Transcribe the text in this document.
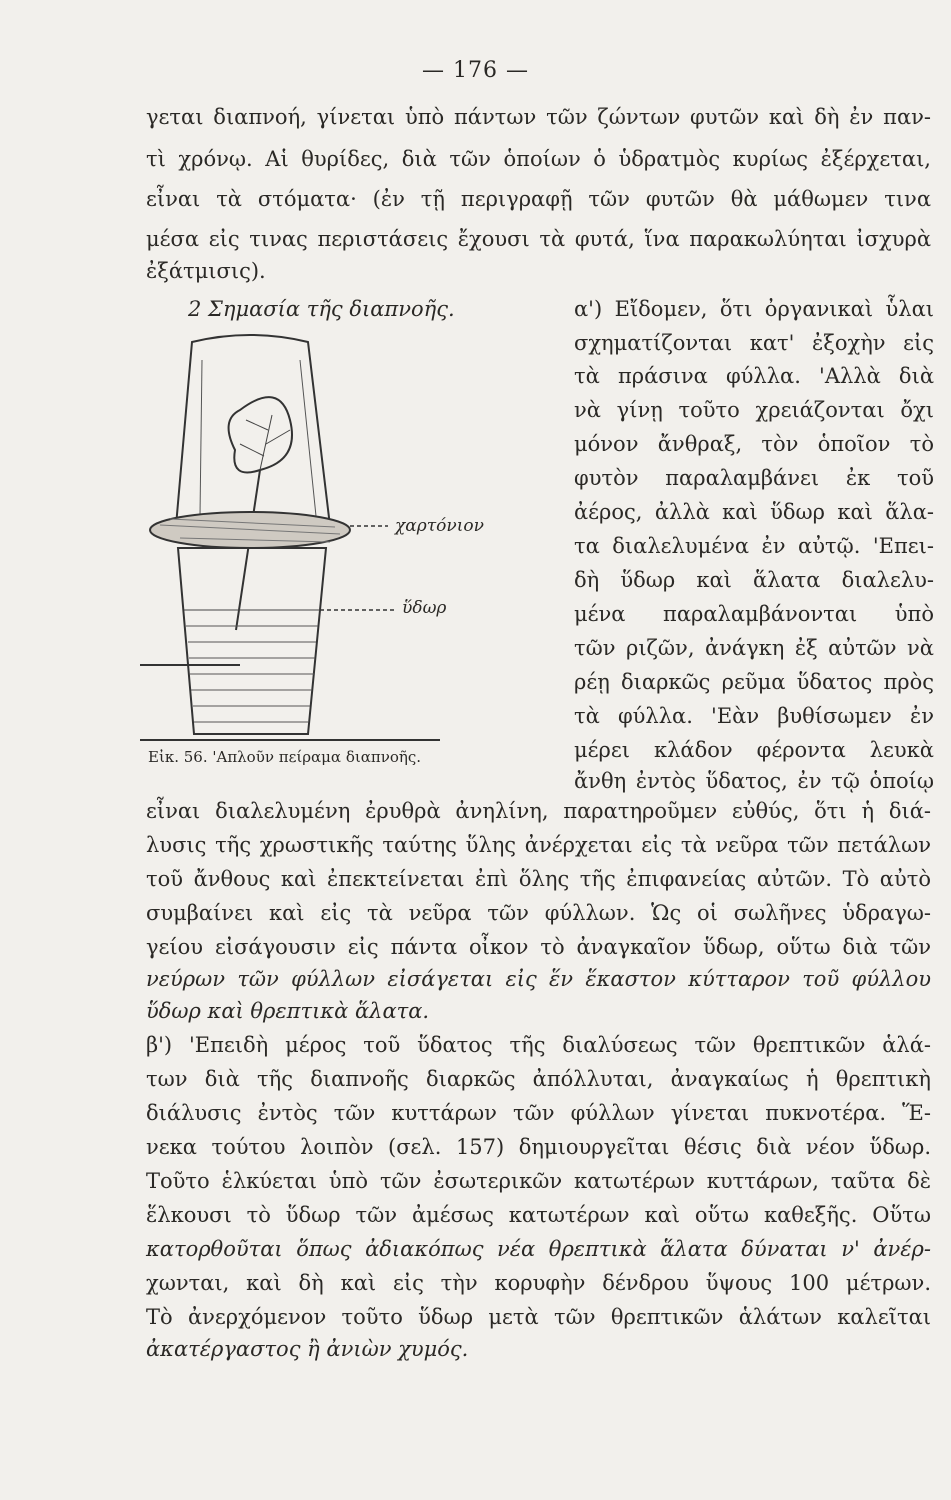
— 176 —
γεται διαπνοή, γίνεται ὑπὸ πάντων τῶν ζώντων φυτῶν καὶ δὴ ἐν παν-
τὶ χρόνῳ. Αἱ θυρίδες, διὰ τῶν ὁποίων ὁ ὑδρατμὸς κυρίως ἐξέρχεται,
εἶναι τὰ στόματα· (ἐν τῇ περιγραφῇ τῶν φυτῶν θὰ μάθωμεν τινα
μέσα εἰς τινας περιστάσεις ἔχουσι τὰ φυτά, ἵνα παρακωλύηται ἰσχυρὰ
ἐξάτμισις).
2 Σημασία τῆς διαπνοῆς.	α') Εἴδομεν, ὅτι ὀργανικαὶ ὗλαι
σχηματίζονται κατ' ἐξοχὴν εἰς
τὰ πράσινα φύλλα. 'Αλλὰ διὰ
νὰ γίνῃ τοῦτο χρειάζονται ὄχι
μόνον ἄνθραξ, τὸν ὁποῖον τὸ
φυτὸν παραλαμβάνει ἐκ τοῦ
ἀέρος, ἀλλὰ καὶ ὕδωρ καὶ ἅλα-
τα διαλελυμένα ἐν αὐτῷ. 'Επει-
δὴ ὕδωρ καὶ ἅλατα διαλελυ-
μένα παραλαμβάνονται ὑπὸ
τῶν ριζῶν, ἀνάγκη ἐξ αὐτῶν νὰ
ρέῃ διαρκῶς ρεῦμα ὕδατος πρὸς
τὰ φύλλα. 'Εὰν βυθίσωμεν ἐν
μέρει κλάδον φέροντα λευκὰ
ἄνθη ἐντὸς ὕδατος, ἐν τῷ ὁποίῳ
χαρτόνιον
ὕδωρ
Εἰκ. 56. 'Απλοῦν πείραμα διαπνοῆς.
εἶναι διαλελυμένη ἐρυθρὰ ἀνηλίνη, παρατηροῦμεν εὐθύς, ὅτι ἡ διά-
λυσις τῆς χρωστικῆς ταύτης ὕλης ἀνέρχεται εἰς τὰ νεῦρα τῶν πετάλων
τοῦ ἄνθους καὶ ἐπεκτείνεται ἐπὶ ὅλης τῆς ἐπιφανείας αὐτῶν. Τὸ αὐτὸ
συμβαίνει καὶ εἰς τὰ νεῦρα τῶν φύλλων. Ὡς οἱ σωλῆνες ὑδραγω-
γείου εἰσάγουσιν εἰς πάντα οἶκον τὸ ἀναγκαῖον ὕδωρ, οὕτω διὰ τῶν
νεύρων τῶν φύλλων εἰσάγεται εἰς ἕν ἕκαστον κύτταρον τοῦ φύλλου
ὕδωρ καὶ θρεπτικὰ ἅλατα.
β') 'Επειδὴ μέρος τοῦ ὕδατος τῆς διαλύσεως τῶν θρεπτικῶν ἁλά-
των διὰ τῆς διαπνοῆς διαρκῶς ἀπόλλυται, ἀναγκαίως ἡ θρεπτικὴ
διάλυσις ἐντὸς τῶν κυττάρων τῶν φύλλων γίνεται πυκνοτέρα. Ἕ-
νεκα τούτου λοιπὸν (σελ. 157) δημιουργεῖται θέσις διὰ νέον ὕδωρ.
Τοῦτο ἑλκύεται ὑπὸ τῶν ἐσωτερικῶν κατωτέρων κυττάρων, ταῦτα δὲ
ἕλκουσι τὸ ὕδωρ τῶν ἀμέσως κατωτέρων καὶ οὕτω καθεξῆς. Οὕτω
κατορθοῦται ὅπως ἀδιακόπως νέα θρεπτικὰ ἅλατα δύναται ν' ἀνέρ-
χωνται, καὶ δὴ καὶ εἰς τὴν κορυφὴν δένδρου ὕψους 100 μέτρων.
Τὸ ἀνερχόμενον τοῦτο ὕδωρ μετὰ τῶν θρεπτικῶν ἁλάτων καλεῖται
ἀκατέργαστος ἢ ἀνιὼν χυμός.
